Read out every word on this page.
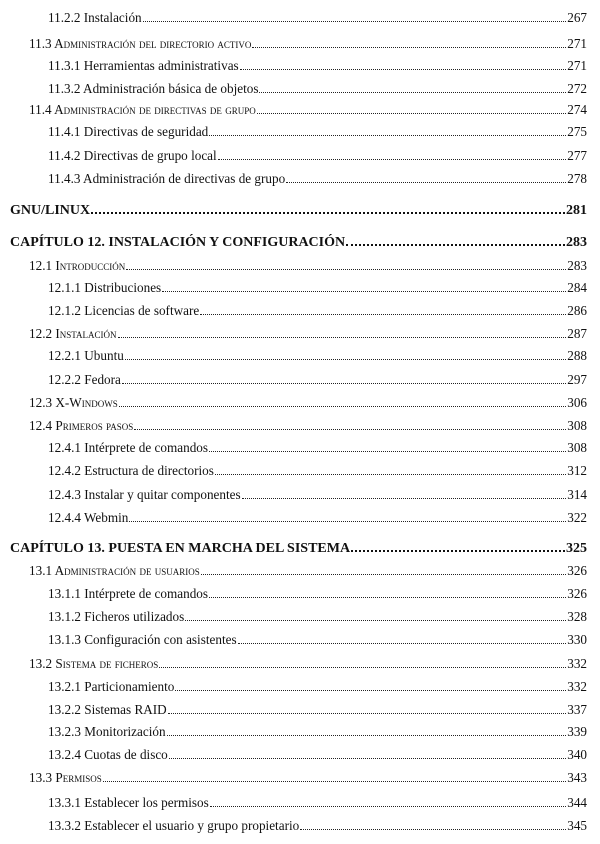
11.2.2 Instalación	267
11.3 Administración del directorio activo	271
11.3.1 Herramientas administrativas	271
11.3.2 Administración básica de objetos	272
11.4 Administración de directivas de grupo	274
11.4.1 Directivas de seguridad	275
11.4.2 Directivas de grupo local	277
11.4.3 Administración de directivas de grupo	278
GNU/LINUX	281
CAPÍTULO 12. INSTALACIÓN Y CONFIGURACIÓN	283
12.1 Introducción	283
12.1.1 Distribuciones	284
12.1.2 Licencias de software	286
12.2 Instalación	287
12.2.1 Ubuntu	288
12.2.2 Fedora	297
12.3 X-Windows	306
12.4 Primeros pasos	308
12.4.1 Intérprete de comandos	308
12.4.2 Estructura de directorios	312
12.4.3 Instalar y quitar componentes	314
12.4.4 Webmin	322
CAPÍTULO 13. PUESTA EN MARCHA DEL SISTEMA	325
13.1 Administración de usuarios	326
13.1.1 Intérprete de comandos	326
13.1.2 Ficheros utilizados	328
13.1.3 Configuración con asistentes	330
13.2 Sistema de ficheros	332
13.2.1 Particionamiento	332
13.2.2 Sistemas RAID	337
13.2.3 Monitorización	339
13.2.4 Cuotas de disco	340
13.3 Permisos	343
13.3.1 Establecer los permisos	344
13.3.2 Establecer el usuario y grupo propietario	345
